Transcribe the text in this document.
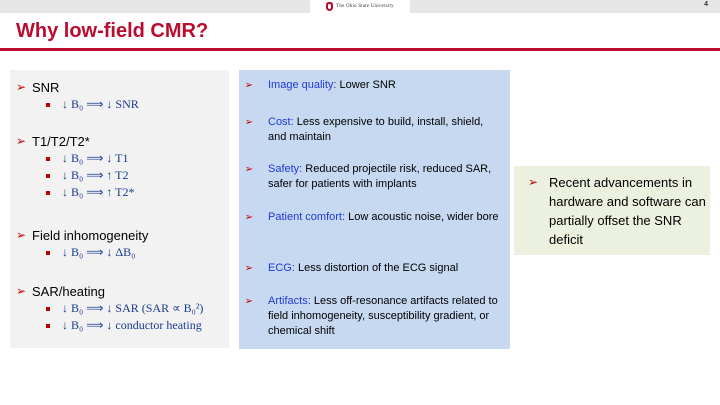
The Ohio State University	4
Why low-field CMR?
➢ SNR
↓ B₀ ⟹ ↓ SNR
➢ T1/T2/T2*
↓ B₀ ⟹ ↓ T1
↓ B₀ ⟹ ↑ T2
↓ B₀ ⟹ ↑ T2*
➢ Field inhomogeneity
↓ B₀ ⟹ ↓ ΔB₀
➢ SAR/heating
↓ B₀ ⟹ ↓ SAR (SAR ∝ B₀²)
↓ B₀ ⟹ ↓ conductor heating
➢	Image quality: Lower SNR
➢	Cost: Less expensive to build, install, shield, and maintain
➢	Safety: Reduced projectile risk, reduced SAR, safer for patients with implants
➢	Patient comfort: Low acoustic noise, wider bore
➢	ECG: Less distortion of the ECG signal
➢	Artifacts: Less off-resonance artifacts related to field inhomogeneity, susceptibility gradient, or chemical shift
➢ Recent advancements in hardware and software can partially offset the SNR deficit
